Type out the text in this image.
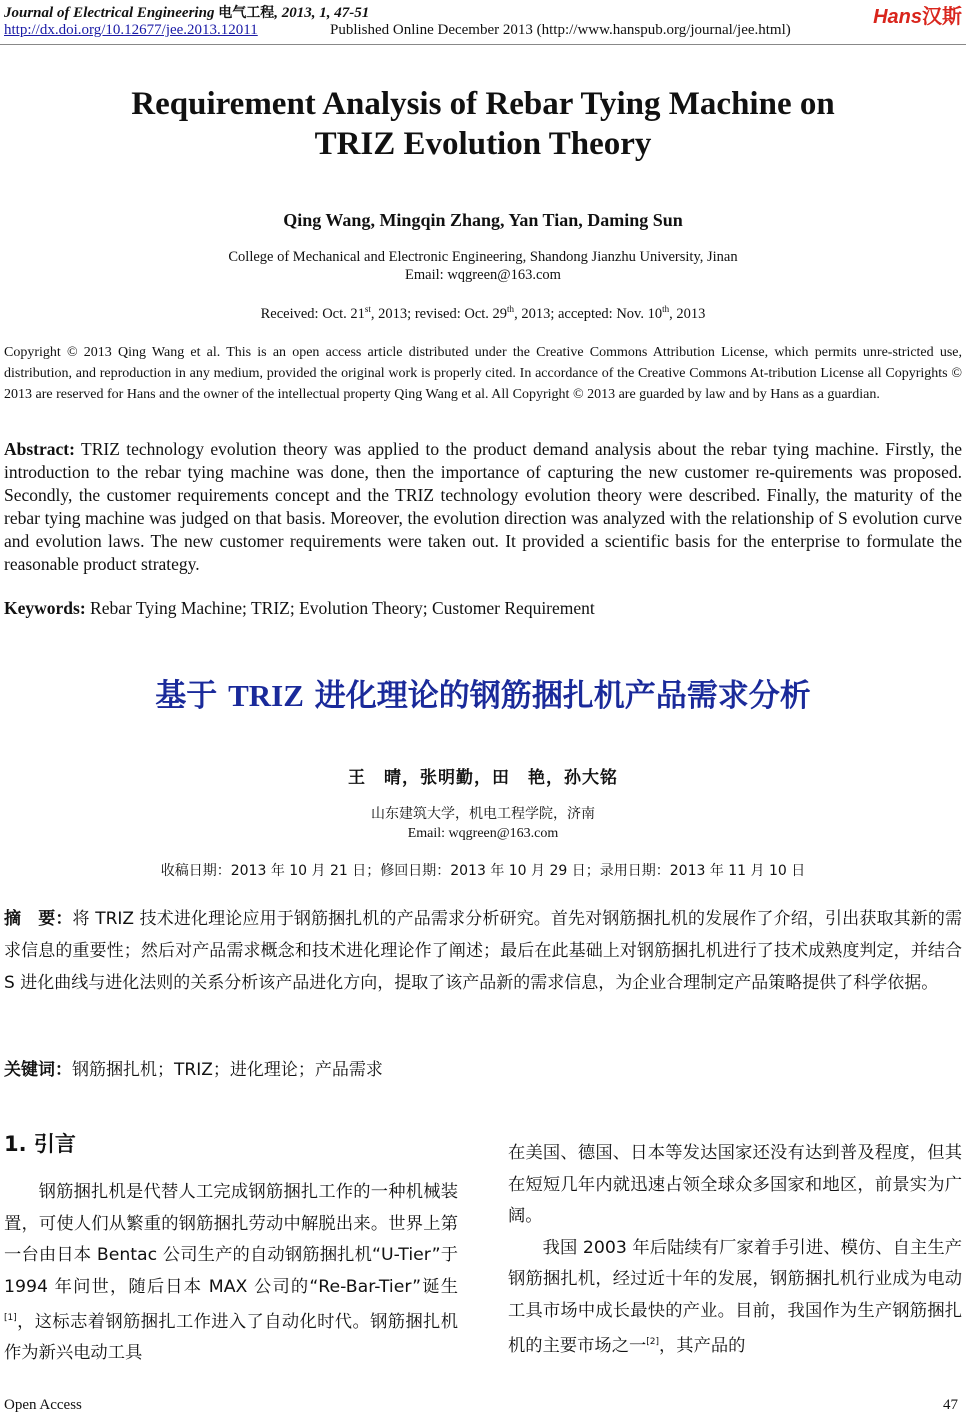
Journal of Electrical Engineering 电气工程, 2013, 1, 47-51	Hans汉斯
http://dx.doi.org/10.12677/jee.2013.12011	Published Online December 2013 (http://www.hanspub.org/journal/jee.html)
Requirement Analysis of Rebar Tying Machine on
TRIZ Evolution Theory
Qing Wang, Mingqin Zhang, Yan Tian, Daming Sun
College of Mechanical and Electronic Engineering, Shandong Jianzhu University, Jinan
Email: wqgreen@163.com
Received: Oct. 21st, 2013; revised: Oct. 29th, 2013; accepted: Nov. 10th, 2013
Copyright © 2013 Qing Wang et al. This is an open access article distributed under the Creative Commons Attribution License, which permits unre-stricted use, distribution, and reproduction in any medium, provided the original work is properly cited. In accordance of the Creative Commons At-tribution License all Copyrights © 2013 are reserved for Hans and the owner of the intellectual property Qing Wang et al. All Copyright © 2013 are guarded by law and by Hans as a guardian.
Abstract: TRIZ technology evolution theory was applied to the product demand analysis about the rebar tying machine. Firstly, the introduction to the rebar tying machine was done, then the importance of capturing the new customer re-quirements was proposed. Secondly, the customer requirements concept and the TRIZ technology evolution theory were described. Finally, the maturity of the rebar tying machine was judged on that basis. Moreover, the evolution direction was analyzed with the relationship of S evolution curve and evolution laws. The new customer requirements were taken out. It provided a scientific basis for the enterprise to formulate the reasonable product strategy.
Keywords: Rebar Tying Machine; TRIZ; Evolution Theory; Customer Requirement
基于 TRIZ 进化理论的钢筋捆扎机产品需求分析
王　晴，张明勤，田　艳，孙大铭
山东建筑大学，机电工程学院，济南
Email: wqgreen@163.com
收稿日期：2013 年 10 月 21 日；修回日期：2013 年 10 月 29 日；录用日期：2013 年 11 月 10 日
摘　要：将 TRIZ 技术进化理论应用于钢筋捆扎机的产品需求分析研究。首先对钢筋捆扎机的发展作了介绍，引出获取其新的需求信息的重要性；然后对产品需求概念和技术进化理论作了阐述；最后在此基础上对钢筋捆扎机进行了技术成熟度判定，并结合 S 进化曲线与进化法则的关系分析该产品进化方向，提取了该产品新的需求信息，为企业合理制定产品策略提供了科学依据。
关键词：钢筋捆扎机；TRIZ；进化理论；产品需求
1. 引言
钢筋捆扎机是代替人工完成钢筋捆扎工作的一种机械装置，可使人们从繁重的钢筋捆扎劳动中解脱出来。世界上第一台由日本 Bentac 公司生产的自动钢筋捆扎机“U-Tier”于 1994 年问世，随后日本 MAX 公司的“Re-Bar-Tier”诞生[1]，这标志着钢筋捆扎工作进入了自动化时代。钢筋捆扎机作为新兴电动工具
在美国、德国、日本等发达国家还没有达到普及程度，但其在短短几年内就迅速占领全球众多国家和地区，前景实为广阔。
我国 2003 年后陆续有厂家着手引进、模仿、自主生产钢筋捆扎机，经过近十年的发展，钢筋捆扎机行业成为电动工具市场中成长最快的产业。目前，我国作为生产钢筋捆扎机的主要市场之一[2]，其产品的
Open Access	47
